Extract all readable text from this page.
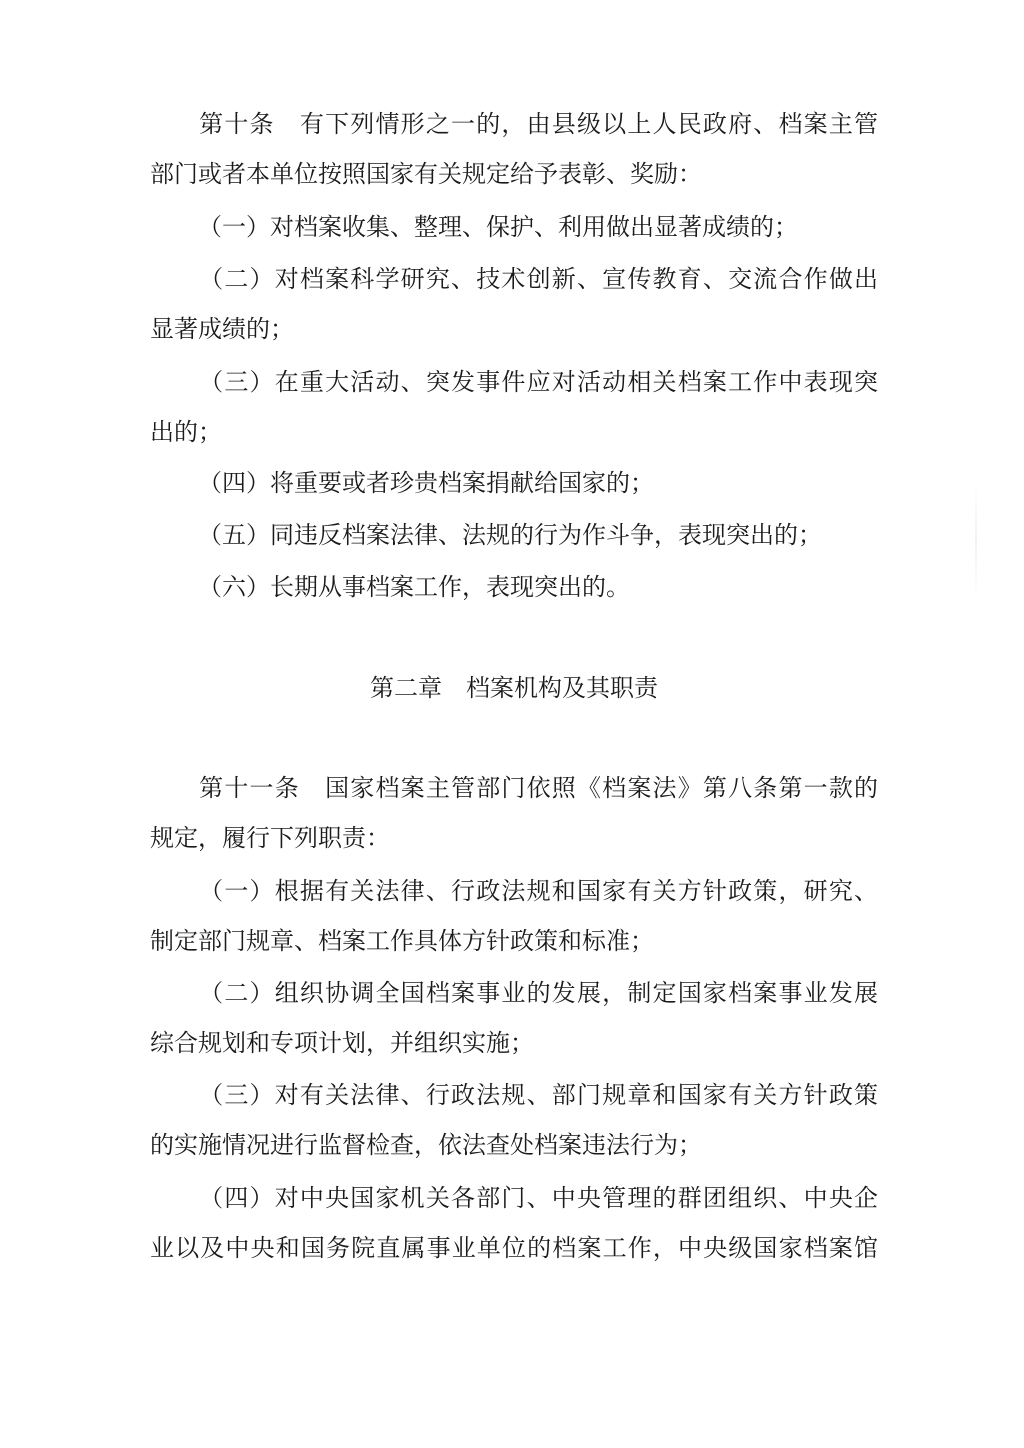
第十条 有下列情形之一的，由县级以上人民政府、档案主管
部门或者本单位按照国家有关规定给予表彰、奖励：
（一）对档案收集、整理、保护、利用做出显著成绩的；
（二）对档案科学研究、技术创新、宣传教育、交流合作做出
显著成绩的；
（三）在重大活动、突发事件应对活动相关档案工作中表现突
出的；
（四）将重要或者珍贵档案捐献给国家的；
（五）同违反档案法律、法规的行为作斗争，表现突出的；
（六）长期从事档案工作，表现突出的。
第二章 档案机构及其职责
第十一条 国家档案主管部门依照《档案法》第八条第一款的
规定，履行下列职责：
（一）根据有关法律、行政法规和国家有关方针政策，研究、
制定部门规章、档案工作具体方针政策和标准；
（二）组织协调全国档案事业的发展，制定国家档案事业发展
综合规划和专项计划，并组织实施；
（三）对有关法律、行政法规、部门规章和国家有关方针政策
的实施情况进行监督检查，依法查处档案违法行为；
（四）对中央国家机关各部门、中央管理的群团组织、中央企
业以及中央和国务院直属事业单位的档案工作，中央级国家档案馆
